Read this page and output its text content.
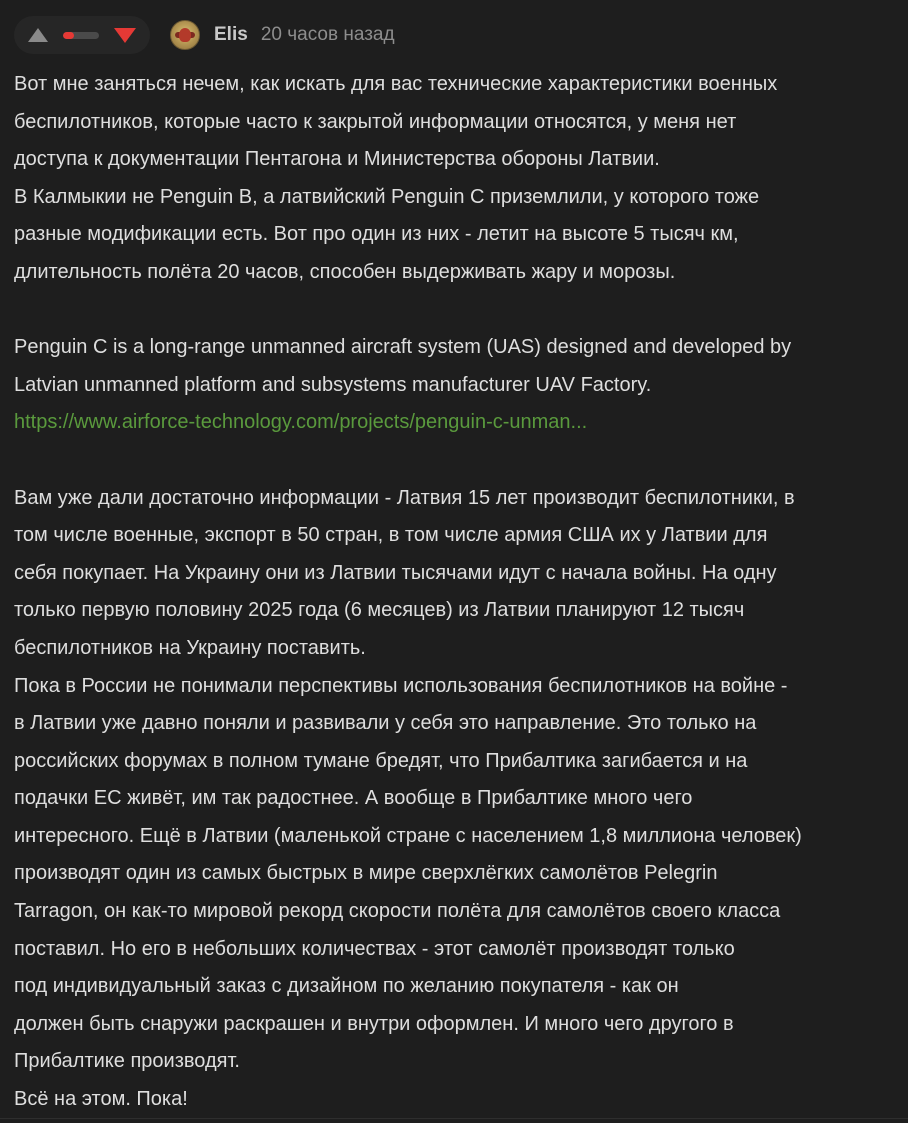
Elis 20 часов назад
Вот мне заняться нечем, как искать для вас технические характеристики военных
беспилотников, которые часто к закрытой информации относятся, у меня нет
доступа к документации Пентагона и Министерства обороны Латвии.
В Калмыкии не Penguin B, а латвийский Penguin C приземлили, у которого тоже
разные модификации есть. Вот про один из них - летит на высоте 5 тысяч км,
длительность полёта 20 часов, способен выдерживать жару и морозы.
Penguin C is a long-range unmanned aircraft system (UAS) designed and developed by
Latvian unmanned platform and subsystems manufacturer UAV Factory.
https://www.airforce-technology.com/projects/penguin-c-unman...
Вам уже дали достаточно информации - Латвия 15 лет производит беспилотники, в
том числе военные, экспорт в 50 стран, в том числе армия США их у Латвии для
себя покупает. На Украину они из Латвии тысячами идут с начала войны. На одну
только первую половину 2025 года (6 месяцев) из Латвии планируют 12 тысяч
беспилотников на Украину поставить.
Пока в России не понимали перспективы использования беспилотников на войне -
в Латвии уже давно поняли и развивали у себя это направление. Это только на
российских форумах в полном тумане бредят, что Прибалтика загибается и на
подачки ЕС живёт, им так радостнее. А вообще в Прибалтике много чего
интересного. Ещё в Латвии (маленькой стране с населением 1,8 миллиона человек)
производят один из самых быстрых в мире сверхлёгких самолётов Pelegrin
Tarragon, он как-то мировой рекорд скорости полёта для самолётов своего класса
поставил. Но его в небольших количествах - этот самолёт производят только
под индивидуальный заказ с дизайном по желанию покупателя - как он
должен быть снаружи раскрашен и внутри оформлен. И много чего другого в
Прибалтике производят.
Всё на этом. Пока!
